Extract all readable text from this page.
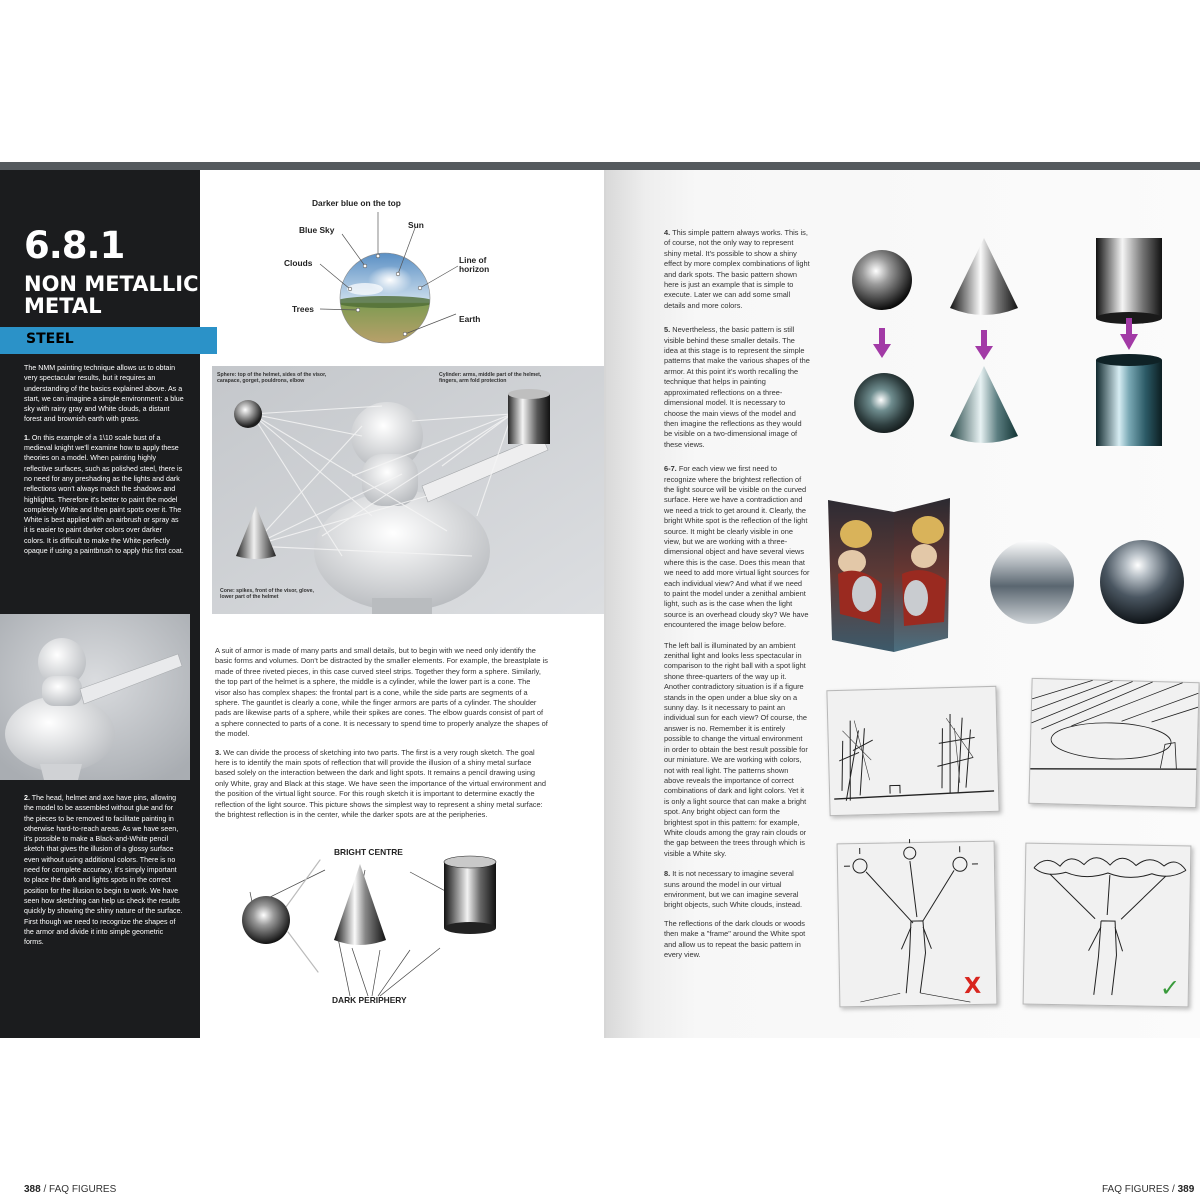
6.8.1
NON METALLIC METAL

The NMM painting technique allows us to obtain very spectacular results, but it requires an understanding of the basics explained above. As a start, we can imagine a simple environment: a blue sky with rainy gray and White clouds, a distant forest and brownish earth with grass.

1. On this example of a 1\10 scale bust of a medieval knight we'll examine how to apply these theories on a model. When painting highly reflective surfaces, such as polished steel, there is no need for any preshading as the lights and dark reflections won't always match the shadows and highlights. Therefore it's better to paint the model completely White and then paint spots over it. The White is best applied with an airbrush or spray as it is easier to paint darker colors over darker colors. It is difficult to make the White perfectly opaque if using a paintbrush to apply this first coat.

2. The head, helmet and axe have pins, allowing the model to be assembled without glue and for the pieces to be removed to facilitate painting in otherwise hard-to-reach areas. As we have seen, it's possible to make a Black-and-White pencil sketch that gives the illusion of a glossy surface even without using additional colors. There is no need for complete accuracy, it's simply important to place the dark and lights spots in the correct position for the illusion to begin to work. We have seen how sketching can help us check the results quickly by showing the shiny nature of the surface. First though we need to recognize the shapes of the armor and divide it into simple geometric forms.

STEEL
Darker blue on the top
Blue Sky	Sun
Clouds	Line of horizon
Trees
Earth
Sphere: top of the helmet, sides of the visor, carapace, gorget, pouldrons, elbow
Cylinder: arms, middle part of the helmet, fingers, arm fold protection
Cone: spikes, front of the visor, glove, lower part of the helmet

A suit of armor is made of many parts and small details, but to begin with we need only identify the basic forms and volumes. Don't be distracted by the smaller elements. For example, the breastplate is made of three riveted pieces, in this case curved steel strips. Together they form a sphere. Similarly, the top part of the helmet is a sphere, the middle is a cylinder, while the lower part is a cone. The visor also has complex shapes: the frontal part is a cone, while the side parts are segments of a sphere. The gauntlet is clearly a cone, while the finger armors are parts of a cylinder. The shoulder pads are likewise parts of a sphere, while their spikes are cones. The elbow guards consist of part of a sphere connected to parts of a cone. It is necessary to spend time to properly analyze the shapes of the model.

3. We can divide the process of sketching into two parts. The first is a very rough sketch. The goal here is to identify the main spots of reflection that will provide the illusion of a shiny metal surface based solely on the interaction between the dark and light spots. It remains a pencil drawing using only White, gray and Black at this stage. We have seen the importance of the virtual environment and the position of the virtual light source. For this rough sketch it is important to determine exactly the reflection of the light source. This picture shows the simplest way to represent a shiny metal surface: the brightest reflection is in the center, while the darker spots are at the peripheries.

BRIGHT CENTRE
DARK PERIPHERY
388 / FAQ FIGURES

4. This simple pattern always works. This is, of course, not the only way to represent shiny metal. It's possible to show a shiny effect by more complex combinations of light and dark spots. The basic pattern shown here is just an example that is simple to execute. Later we can add some small details and more colors.

5. Nevertheless, the basic pattern is still visible behind these smaller details. The idea at this stage is to represent the simple patterns that make the various shapes of the armor. At this point it's worth recalling the technique that helps in painting approximated reflections on a three-dimensional model. It is necessary to choose the main views of the model and then imagine the reflections as they would be visible on a two-dimensional image of these views.

6-7. For each view we first need to recognize where the brightest reflection of the light source will be visible on the curved surface. Here we have a contradiction and we need a trick to get around it. Clearly, the bright White spot is the reflection of the light source. It might be clearly visible in one view, but we are working with a three-dimensional object and have several views where this is the case. Does this mean that we need to add more virtual light sources for each individual view? And what if we need to paint the model under a zenithal ambient light, such as is the case when the light source is an overhead cloudy sky? We have encountered the image below before.

The left ball is illuminated by an ambient zenithal light and looks less spectacular in comparison to the right ball with a spot light shone three-quarters of the way up it. Another contradictory situation is if a figure stands in the open under a blue sky on a sunny day. Is it necessary to paint an individual sun for each view? Of course, the answer is no. Remember it is entirely possible to change the virtual environment in order to obtain the best result possible for our miniature. We are working with colors, not with real light. The patterns shown above reveals the importance of correct combinations of dark and light colors. Yet it is only a light source that can make a bright spot. Any bright object can form the brightest spot in this pattern: for example, White clouds among the gray rain clouds or the gap between the trees through which is visible a White sky.

8. It is not necessary to imagine several suns around the model in our virtual environment, but we can imagine several bright objects, such White clouds, instead.

The reflections of the dark clouds or woods then make a "frame" around the White spot and allow us to repeat the basic pattern in every view.

X	✓
FAQ FIGURES / 389
